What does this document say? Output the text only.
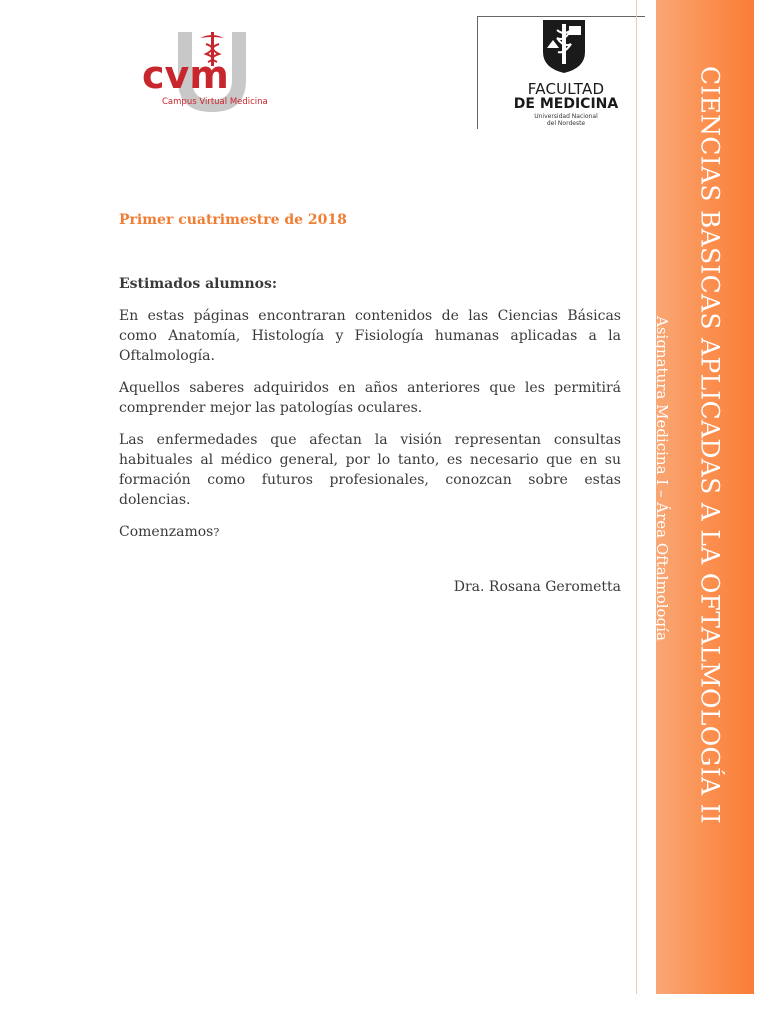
cvm
Campus Virtual Medicina
FACULTAD
DE MEDICINA
Universidad Nacional
del Nordeste

Primer cuatrimestre de 2018

Estimados alumnos:

En estas páginas encontraran contenidos de las Ciencias Básicas como Anatomía, Histología y Fisiología humanas aplicadas a la Oftalmología.

Aquellos saberes adquiridos en años anteriores que les permitirá comprender mejor las patologías oculares.

Las enfermedades que afectan la visión representan consultas habituales al médico general, por lo tanto, es necesario que en su formación como futuros profesionales, conozcan sobre estas dolencias.

Comenzamos?

Dra. Rosana Gerometta	CIENCIAS BASICAS APLICADAS A LA OFTALMOLOGÍA II
Asignatura Medicina I – Área Oftalmología
